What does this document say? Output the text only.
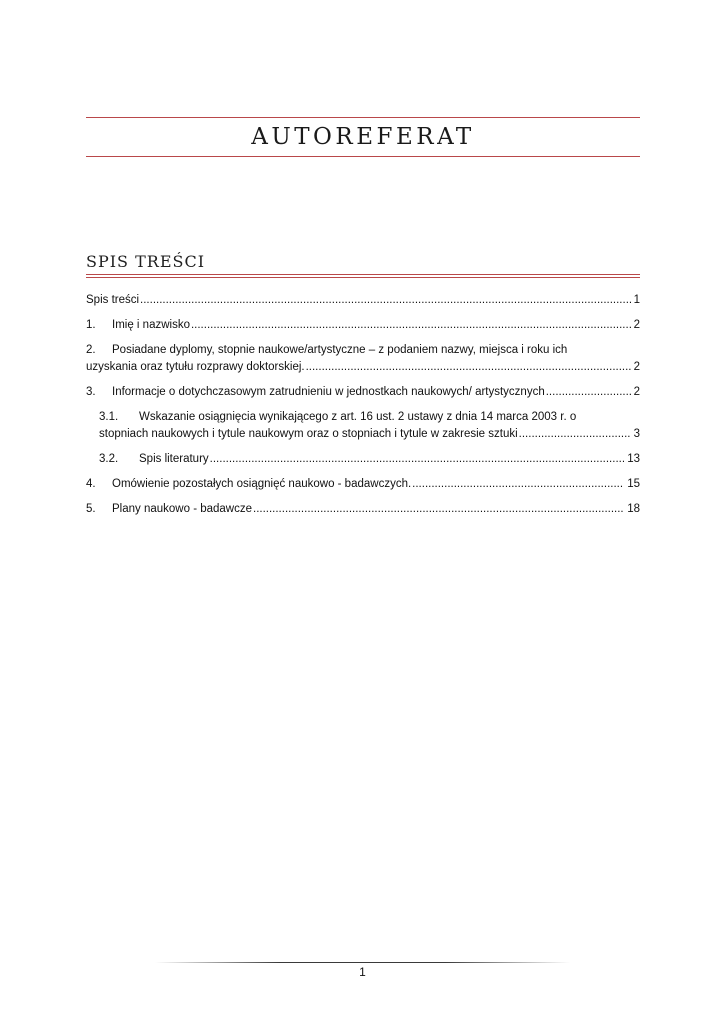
AUTOREFERAT
SPIS TREŚCI
Spis treści .....	1
1.	Imię i nazwisko .....	2
2.	Posiadane dyplomy, stopnie naukowe/artystyczne – z podaniem nazwy, miejsca i roku ich
uzyskania oraz tytułu rozprawy doktorskiej. .....	2
3.	Informacje o dotychczasowym zatrudnieniu w jednostkach naukowych/ artystycznych .....	2
3.1.	Wskazanie osiągnięcia wynikającego z art. 16 ust. 2 ustawy z dnia 14 marca 2003 r. o
stopniach naukowych i tytule naukowym oraz o stopniach i tytule w zakresie sztuki .....	3
3.2.	Spis literatury .....	13
4.	Omówienie pozostałych osiągnięć naukowo - badawczych. .....	15
5.	Plany naukowo - badawcze .....	18
1
